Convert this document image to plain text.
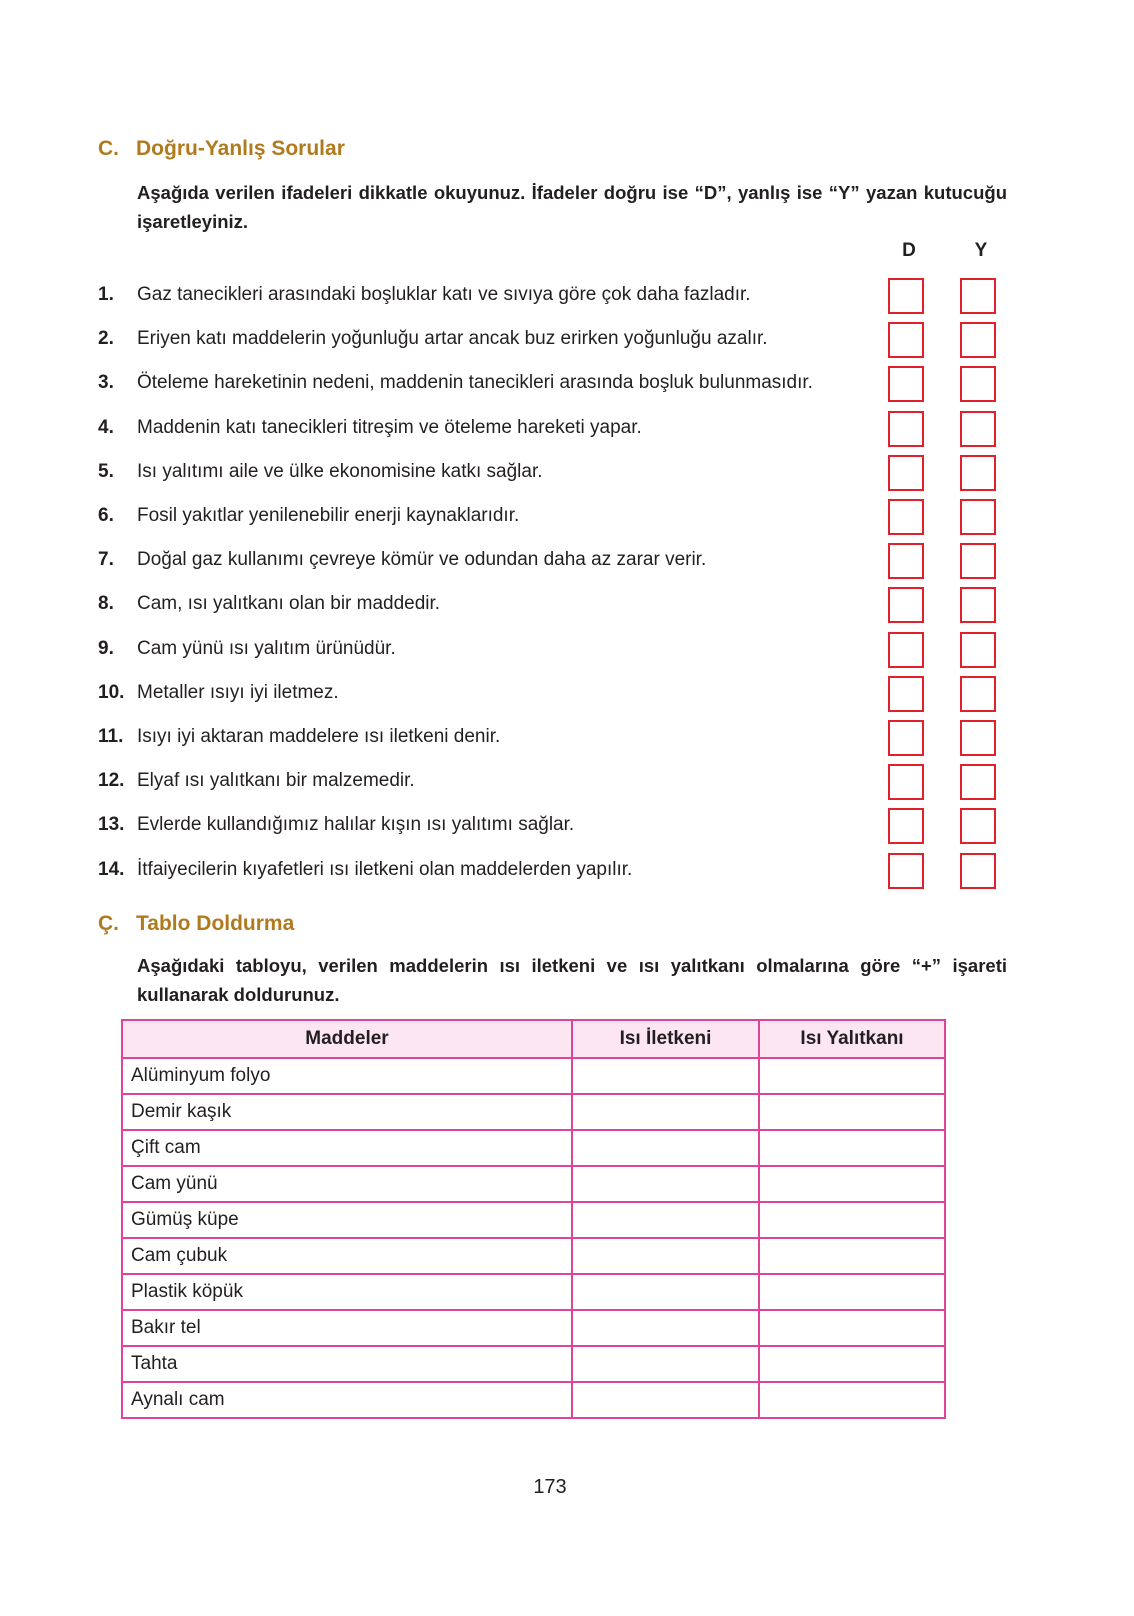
C. Doğru-Yanlış Sorular
Aşağıda verilen ifadeleri dikkatle okuyunuz. İfadeler doğru ise “D”, yanlış ise “Y” yazan kutucuğu işaretleyiniz.
D	Y
1. Gaz tanecikleri arasındaki boşluklar katı ve sıvıya göre çok daha fazladır.
2. Eriyen katı maddelerin yoğunluğu artar ancak buz erirken yoğunluğu azalır.
3. Öteleme hareketinin nedeni, maddenin tanecikleri arasında boşluk bulunmasıdır.
4. Maddenin katı tanecikleri titreşim ve öteleme hareketi yapar.
5. Isı yalıtımı aile ve ülke ekonomisine katkı sağlar.
6. Fosil yakıtlar yenilenebilir enerji kaynaklarıdır.
7. Doğal gaz kullanımı çevreye kömür ve odundan daha az zarar verir.
8. Cam, ısı yalıtkanı olan bir maddedir.
9. Cam yünü ısı yalıtım ürünüdür.
10. Metaller ısıyı iyi iletmez.
11. Isıyı iyi aktaran maddelere ısı iletkeni denir.
12. Elyaf ısı yalıtkanı bir malzemedir.
13. Evlerde kullandığımız halılar kışın ısı yalıtımı sağlar.
14. İtfaiyecilerin kıyafetleri ısı iletkeni olan maddelerden yapılır.
Ç. Tablo Doldurma
Aşağıdaki tabloyu, verilen maddelerin ısı iletkeni ve ısı yalıtkanı olmalarına göre “+” işareti kullanarak doldurunuz.
Maddeler	Isı İletkeni	Isı Yalıtkanı
Alüminyum folyo		
Demir kaşık		
Çift cam		
Cam yünü		
Gümüş küpe		
Cam çubuk		
Plastik köpük		
Bakır tel		
Tahta		
Aynalı cam		
173
